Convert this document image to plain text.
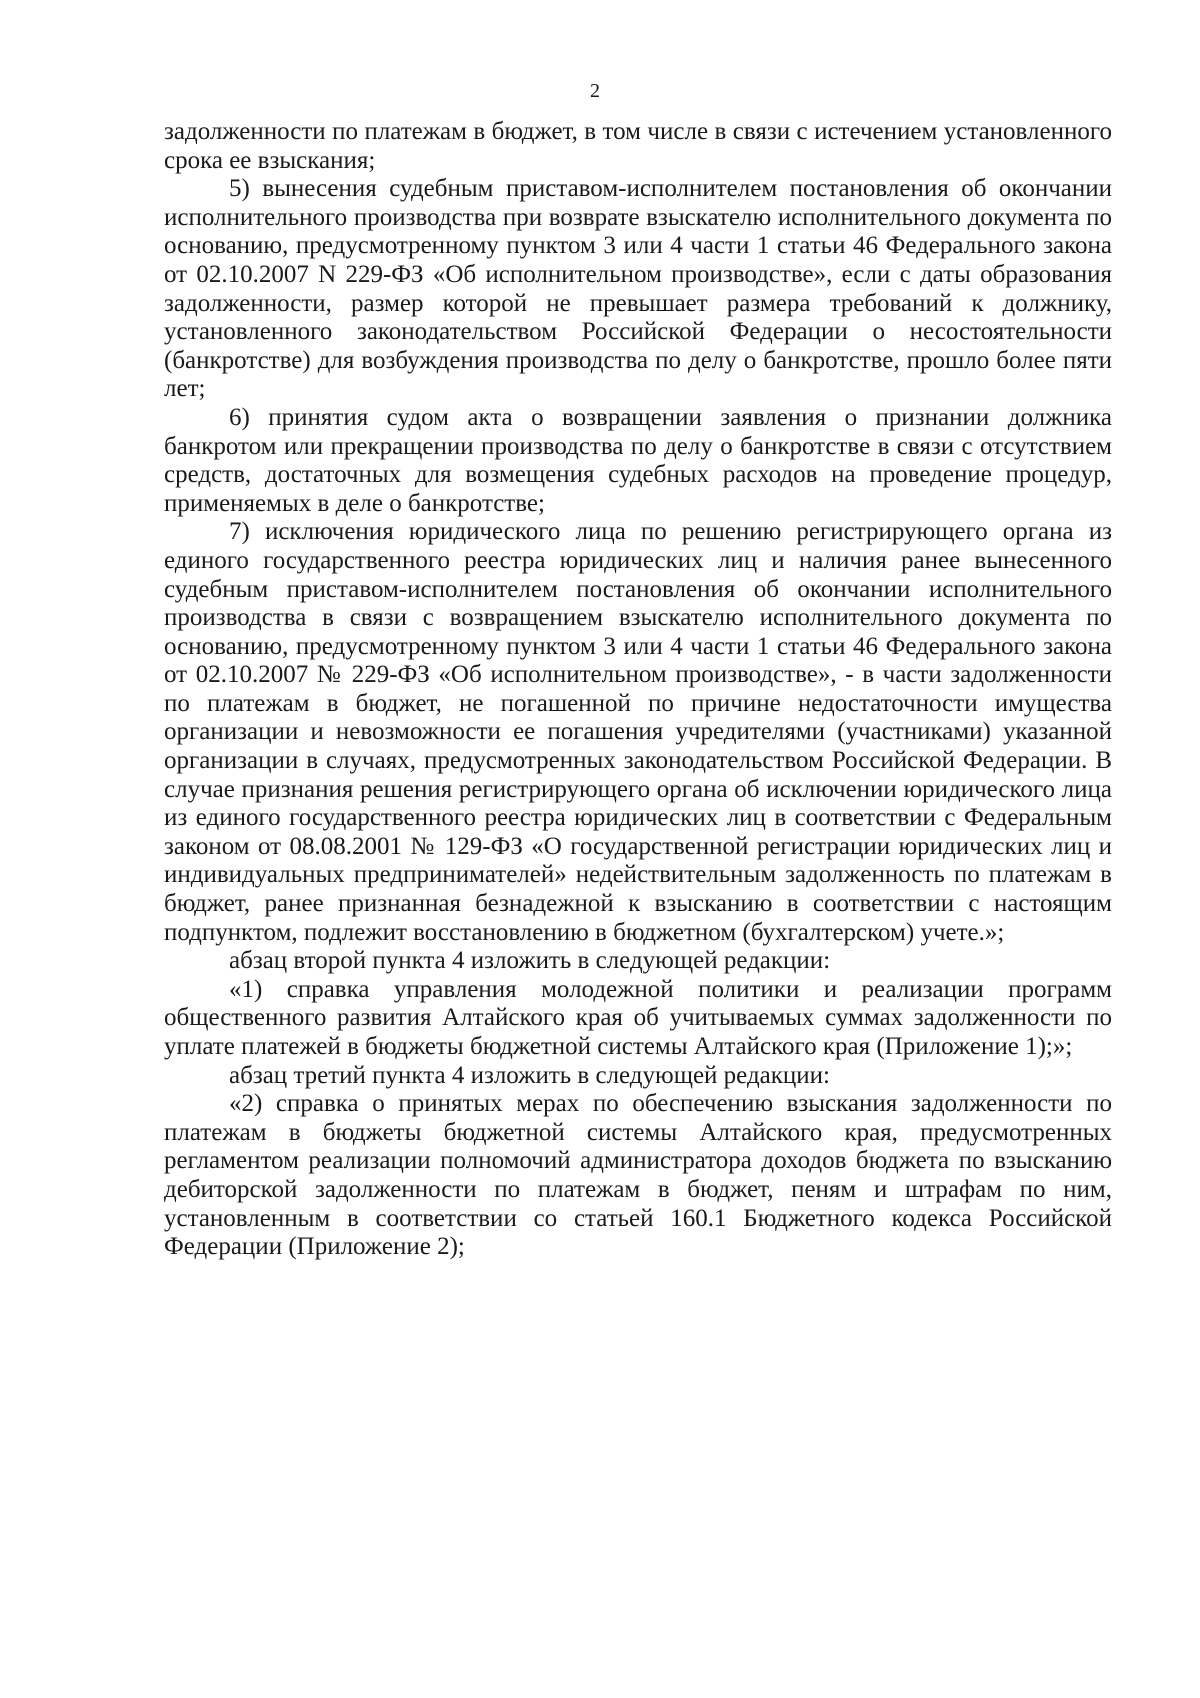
2

задолженности по платежам в бюджет, в том числе в связи с истечением установленного срока ее взыскания;

5) вынесения судебным приставом-исполнителем постановления об окончании исполнительного производства при возврате взыскателю исполнительного документа по основанию, предусмотренному пунктом 3 или 4 части 1 статьи 46 Федерального закона от 02.10.2007 N 229-ФЗ «Об исполнительном производстве», если с даты образования задолженности, размер которой не превышает размера требований к должнику, установленного законодательством Российской Федерации о несостоятельности (банкротстве) для возбуждения производства по делу о банкротстве, прошло более пяти лет;

6) принятия судом акта о возвращении заявления о признании должника банкротом или прекращении производства по делу о банкротстве в связи с отсутствием средств, достаточных для возмещения судебных расходов на проведение процедур, применяемых в деле о банкротстве;

7) исключения юридического лица по решению регистрирующего органа из единого государственного реестра юридических лиц и наличия ранее вынесенного судебным приставом-исполнителем постановления об окончании исполнительного производства в связи с возвращением взыскателю исполнительного документа по основанию, предусмотренному пунктом 3 или 4 части 1 статьи 46 Федерального закона от 02.10.2007 № 229-ФЗ «Об исполнительном производстве», - в части задолженности по платежам в бюджет, не погашенной по причине недостаточности имущества организации и невозможности ее погашения учредителями (участниками) указанной организации в случаях, предусмотренных законодательством Российской Федерации. В случае признания решения регистрирующего органа об исключении юридического лица из единого государственного реестра юридических лиц в соответствии с Федеральным законом от 08.08.2001 № 129-ФЗ «О государственной регистрации юридических лиц и индивидуальных предпринимателей» недействительным задолженность по платежам в бюджет, ранее признанная безнадежной к взысканию в соответствии с настоящим подпунктом, подлежит восстановлению в бюджетном (бухгалтерском) учете.»;

абзац второй пункта 4 изложить в следующей редакции:

«1) справка управления молодежной политики и реализации программ общественного развития Алтайского края об учитываемых суммах задолженности по уплате платежей в бюджеты бюджетной системы Алтайского края (Приложение 1);»;

абзац третий пункта 4 изложить в следующей редакции:

«2) справка о принятых мерах по обеспечению взыскания задолженности по платежам в бюджеты бюджетной системы Алтайского края, предусмотренных регламентом реализации полномочий администратора доходов бюджета по взысканию дебиторской задолженности по платежам в бюджет, пеням и штрафам по ним, установленным в соответствии со статьей 160.1 Бюджетного кодекса Российской Федерации (Приложение 2);
